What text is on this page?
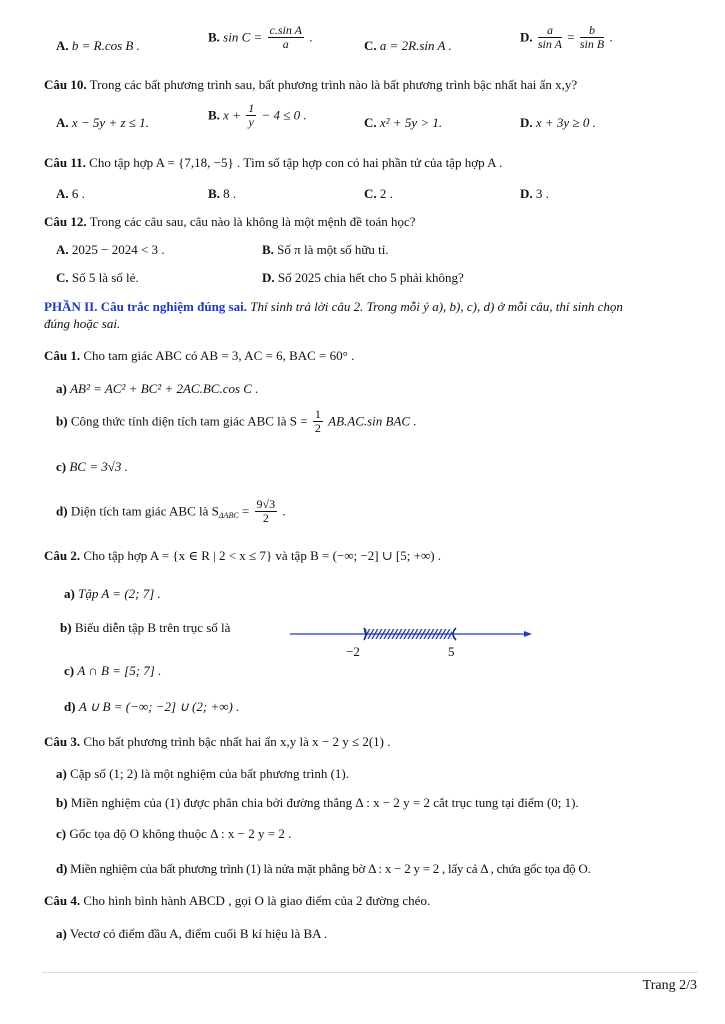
A. b = R.cos B .
B. $\sin C = \frac{\text{c.sin A}}{a}$ .
C. a = 2R.sin A .
D. $\frac{a}{\text{sin A}} = \frac{b}{\text{sin B}}$ .
Câu 10. Trong các bất phương trình sau, bất phương trình nào là bất phương trình bậc nhất hai ẩn x,y?
A. x − 5y + z ≤ 1.	B. $x + \frac{1}{y} - 4 \le 0$ .	C. x² + 5y > 1.	D. x + 3y ≥ 0 .
Câu 11. Cho tập hợp A = {7,18, −5} . Tìm số tập hợp con có hai phần tử của tập hợp A .
A. 6 .	B. 8 .	C. 2 .	D. 3 .
Câu 12. Trong các câu sau, câu nào là không là một mệnh đề toán học?
A. 2025 − 2024 < 3 .	B. Số π là một số hữu tỉ.
C. Số 5 là số lẻ.	D. Số 2025 chia hết cho 5 phải không?
PHẦN II. Câu trắc nghiệm đúng sai. Thí sinh trả lời câu 2. Trong mỗi ý a), b), c), d) ở mỗi câu, thí sinh chọn
đúng hoặc sai.
Câu 1. Cho tam giác ABC có AB = 3, AC = 6, BAC = 60° .
a) AB² = AC² + BC² + 2AC.BC.cos C .
b) Công thức tính diện tích tam giác ABC là $S = \frac{1}{2} AB.AC.\sin$ BAC .
c) BC = 3√3 .
d) Diện tích tam giác ABC là $S_{\Delta ABC} = \frac{9√3}{2}$ .
Câu 2. Cho tập hợp A = {x ∈ R | 2 < x ≤ 7} và tập B = (−∞; −2] ∪ [5; +∞) .
a) Tập A = (2; 7] .
b) Biểu diễn tập B trên trục số là
−2	5
c) A ∩ B = [5; 7] .
d) A ∪ B = (−∞; −2] ∪ (2; +∞) .
Câu 3. Cho bất phương trình bậc nhất hai ẩn x,y là x − 2 y ≤ 2(1) .
a) Cặp số (1; 2) là một nghiệm của bất phương trình (1).
b) Miền nghiệm của (1) được phân chia bởi đường thẳng Δ : x − 2 y = 2 cắt trục tung tại điểm (0; 1).
c) Gốc tọa độ O không thuộc Δ : x − 2 y = 2 .
d) Miền nghiệm của bất phương trình (1) là nửa mặt phẳng bờ Δ : x − 2 y = 2 , lấy cả Δ , chứa gốc tọa độ O.
Câu 4. Cho hình bình hành ABCD , gọi O là giao điểm của 2 đường chéo.
a) Vectơ có điểm đầu A, điểm cuối B kí hiệu là BA .
Trang 2/3
